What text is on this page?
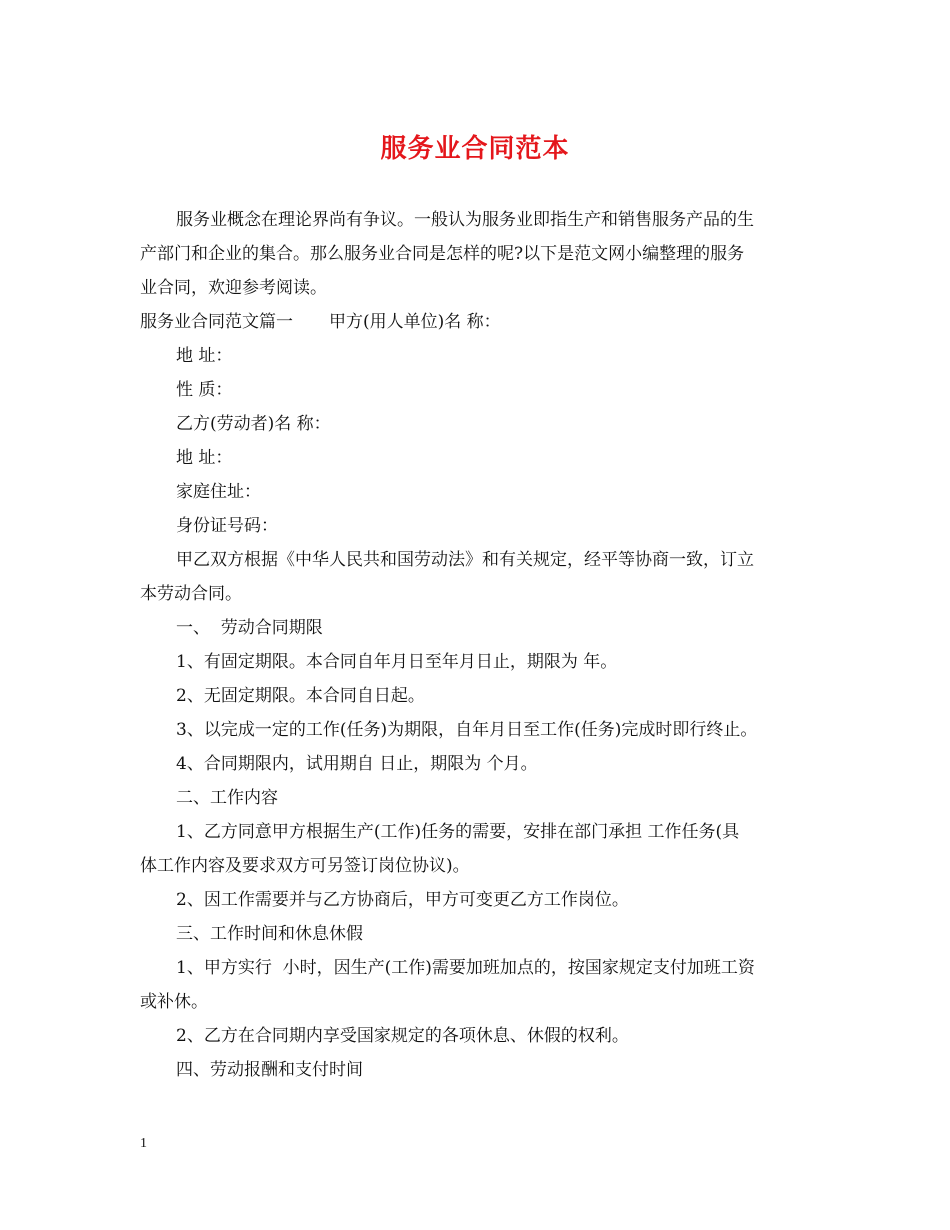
服务业合同范本

服务业概念在理论界尚有争议。一般认为服务业即指生产和销售服务产品的生

产部门和企业的集合。那么服务业合同是怎样的呢?以下是范文网小编整理的服务

业合同，欢迎参考阅读。

服务业合同范文篇一 甲方(用人单位)名 称：

地 址：

性 质：

乙方(劳动者)名 称：

地 址：

家庭住址：

身份证号码：

甲乙双方根据《中华人民共和国劳动法》和有关规定，经平等协商一致，订立

本劳动合同。

一、  劳动合同期限

1、有固定期限。本合同自年月日至年月日止，期限为 年。

2、无固定期限。本合同自日起。

3、以完成一定的工作(任务)为期限，自年月日至工作(任务)完成时即行终止。

4、合同期限内，试用期自 日止，期限为 个月。

二、工作内容

1、乙方同意甲方根据生产(工作)任务的需要，安排在部门承担 工作任务(具

体工作内容及要求双方可另签订岗位协议)。

2、因工作需要并与乙方协商后，甲方可变更乙方工作岗位。

三、工作时间和休息休假

1、甲方实行  小时，因生产(工作)需要加班加点的，按国家规定支付加班工资

或补休。

2、乙方在合同期内享受国家规定的各项休息、休假的权利。

四、劳动报酬和支付时间

1
